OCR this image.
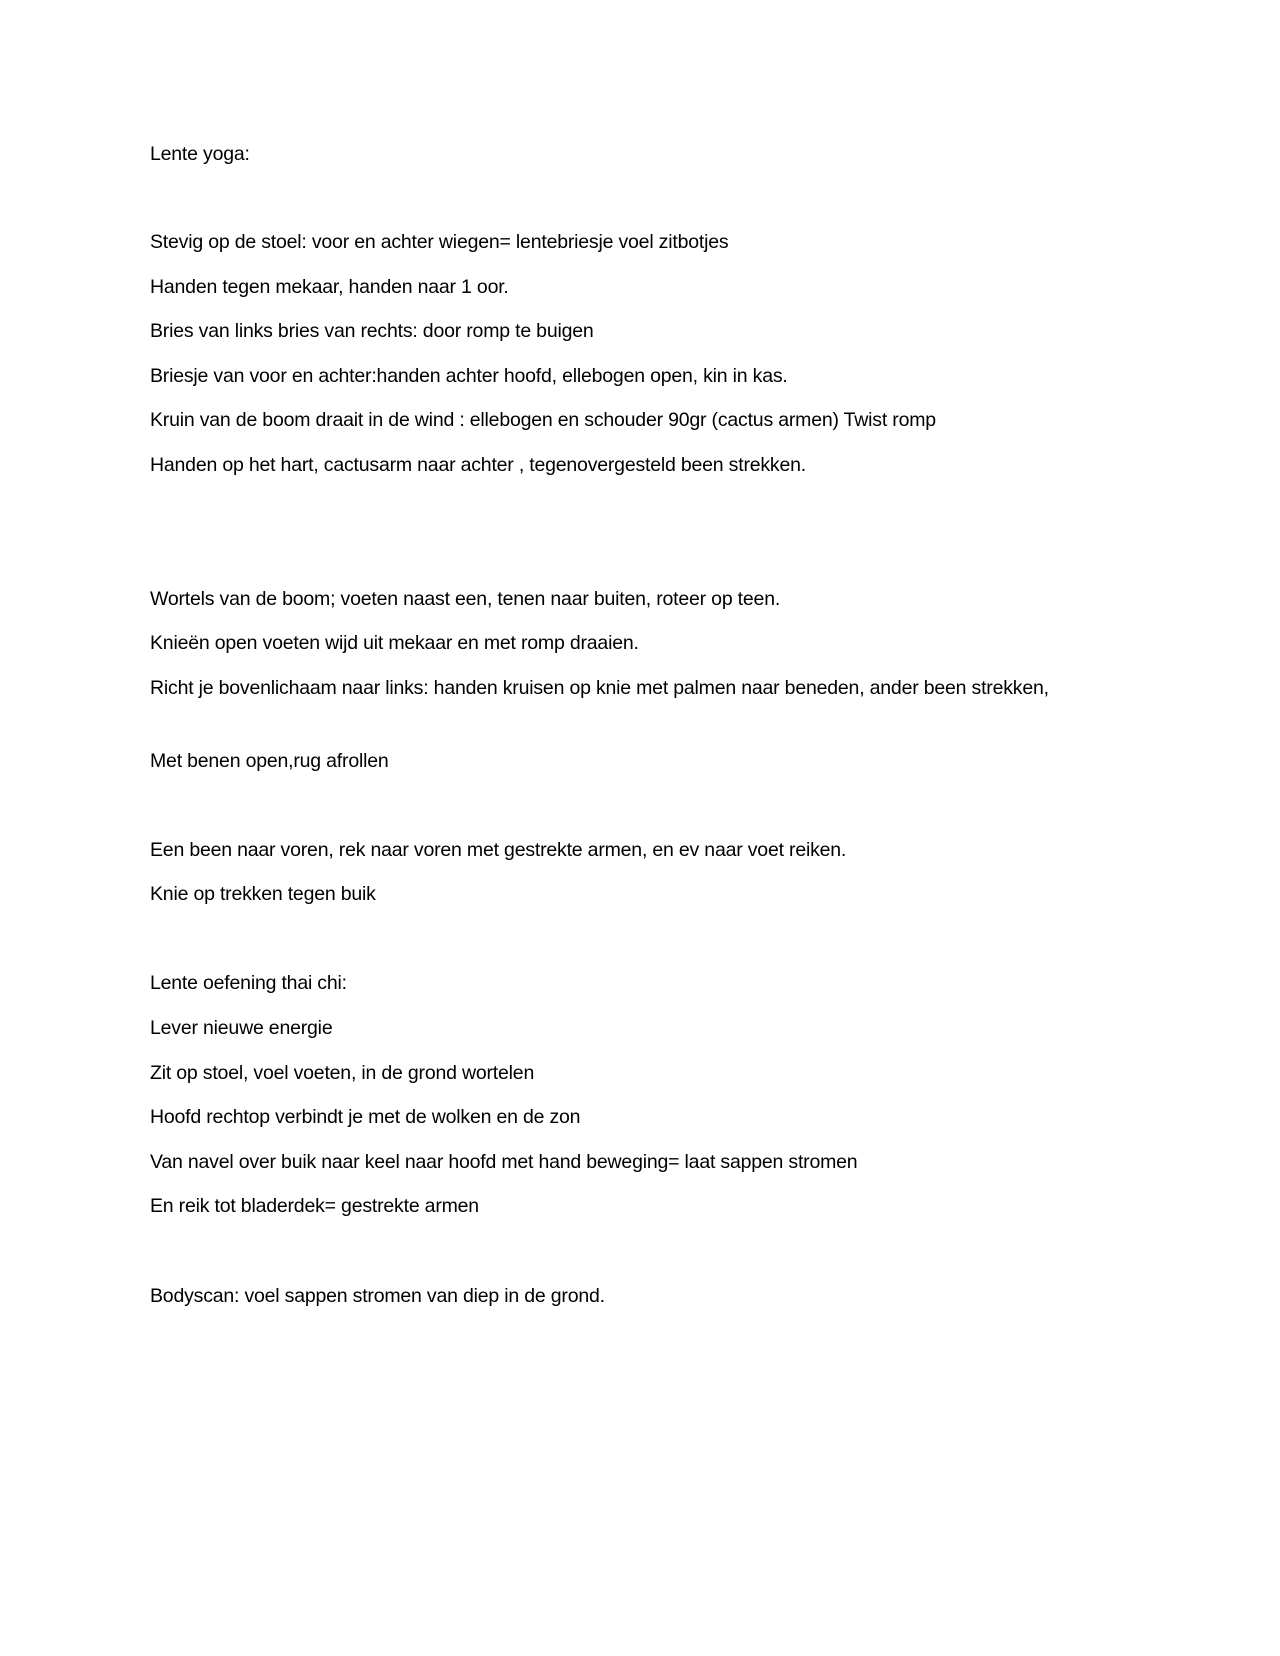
Lente yoga:
Stevig op de stoel: voor en achter wiegen= lentebriesje voel zitbotjes
Handen tegen mekaar, handen naar 1 oor.
Bries van links bries van rechts: door romp te buigen
Briesje van voor en achter:handen achter hoofd, ellebogen open, kin in kas.
Kruin van de boom draait in de wind : ellebogen en schouder 90gr (cactus armen) Twist romp
Handen op het hart, cactusarm naar achter , tegenovergesteld been strekken.
Wortels van de boom; voeten naast een, tenen naar buiten, roteer op teen.
Knieën open voeten wijd uit mekaar en met romp draaien.
Richt je bovenlichaam naar links: handen kruisen op knie met palmen naar beneden, ander been strekken,
Met benen open,rug afrollen
Een been naar voren, rek naar voren met gestrekte armen, en ev naar voet reiken.
Knie op trekken tegen buik
Lente oefening thai chi:
Lever nieuwe energie
Zit op stoel, voel voeten, in de grond wortelen
Hoofd rechtop verbindt je met de wolken en de zon
Van navel over buik naar keel naar hoofd met hand beweging= laat sappen stromen
En reik tot bladerdek= gestrekte armen
Bodyscan: voel sappen stromen van diep in de grond.
